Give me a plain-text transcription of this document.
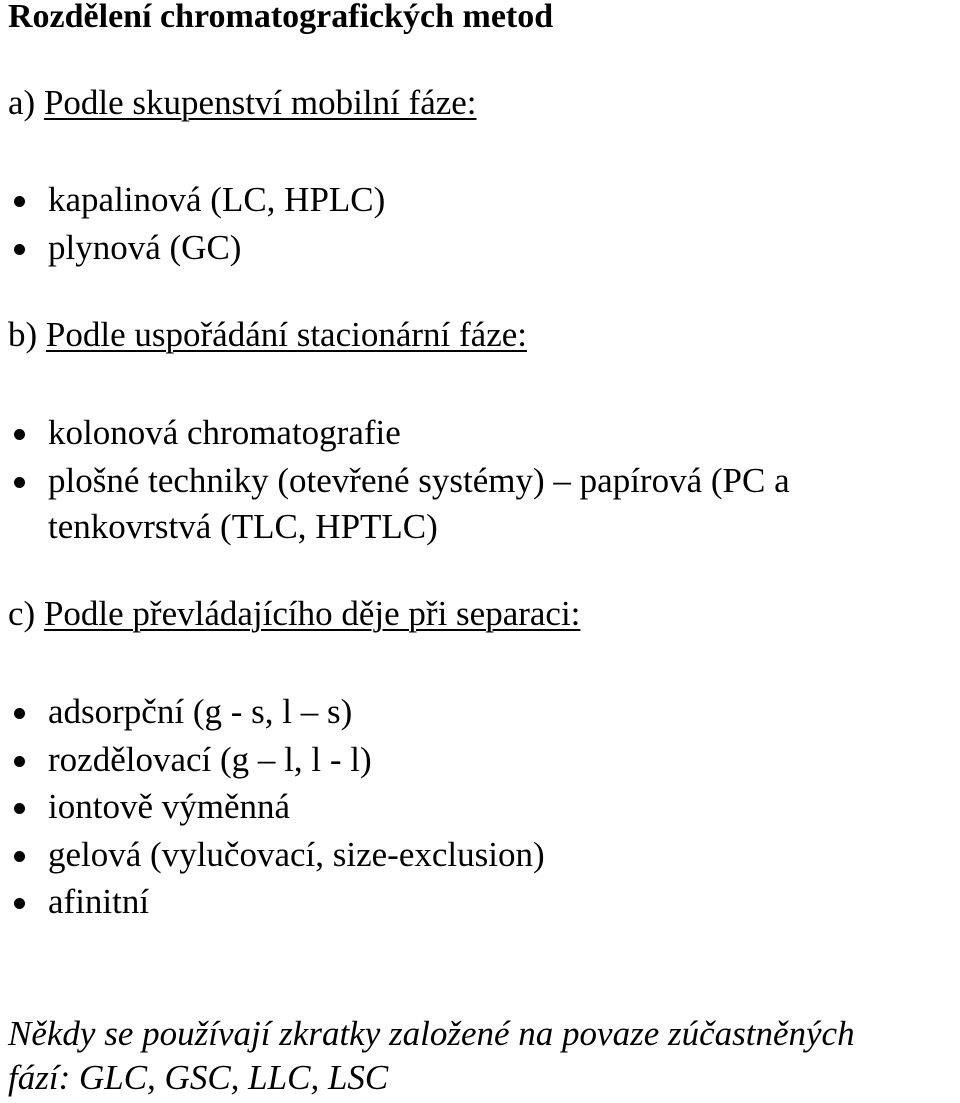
Rozdělení chromatografických metod
a) Podle skupenství mobilní fáze:
kapalinová (LC, HPLC)
plynová (GC)
b) Podle uspořádání stacionární fáze:
kolonová chromatografie
plošné techniky (otevřené systémy) – papírová (PC a
tenkovrstvá (TLC, HPTLC)
c) Podle převládajícího děje při separaci:
adsorpční (g - s, l – s)
rozdělovací (g – l, l - l)
iontově výměnná
gelová (vylučovací, size-exclusion)
afinitní
Někdy se používají zkratky založené na povaze zúčastněných
fází: GLC, GSC, LLC, LSC
